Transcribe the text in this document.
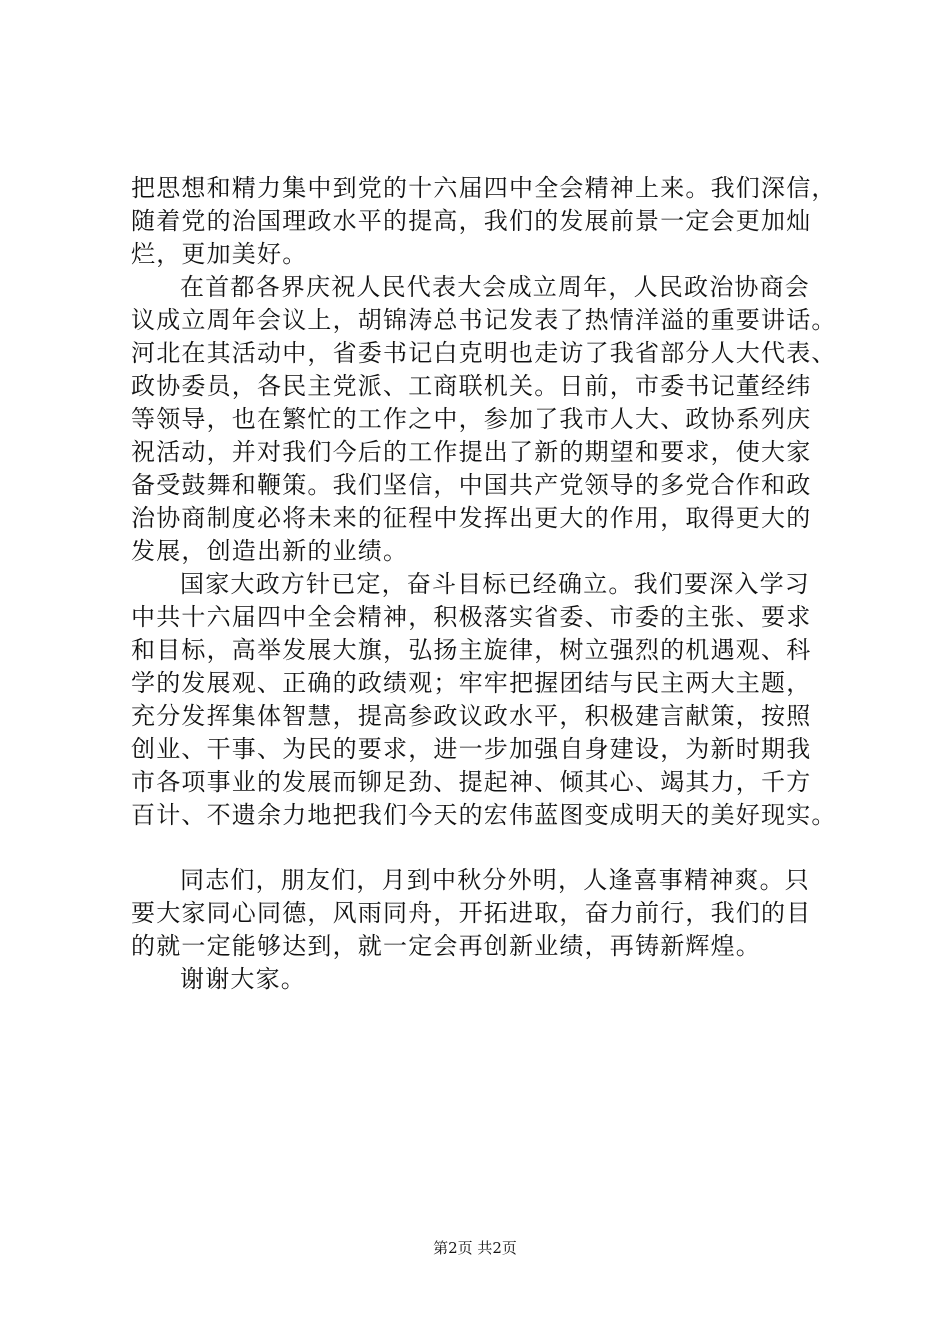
把思想和精力集中到党的十六届四中全会精神上来。我们深信，
随着党的治国理政水平的提高，我们的发展前景一定会更加灿
烂，更加美好。
在首都各界庆祝人民代表大会成立周年，人民政治协商会
议成立周年会议上，胡锦涛总书记发表了热情洋溢的重要讲话。
河北在其活动中，省委书记白克明也走访了我省部分人大代表、
政协委员，各民主党派、工商联机关。日前，市委书记董经纬
等领导，也在繁忙的工作之中，参加了我市人大、政协系列庆
祝活动，并对我们今后的工作提出了新的期望和要求，使大家
备受鼓舞和鞭策。我们坚信，中国共产党领导的多党合作和政
治协商制度必将未来的征程中发挥出更大的作用，取得更大的
发展，创造出新的业绩。
国家大政方针已定，奋斗目标已经确立。我们要深入学习
中共十六届四中全会精神，积极落实省委、市委的主张、要求
和目标，高举发展大旗，弘扬主旋律，树立强烈的机遇观、科
学的发展观、正确的政绩观；牢牢把握团结与民主两大主题，
充分发挥集体智慧，提高参政议政水平，积极建言献策，按照
创业、干事、为民的要求，进一步加强自身建设，为新时期我
市各项事业的发展而铆足劲、提起神、倾其心、竭其力，千方
百计、不遗余力地把我们今天的宏伟蓝图变成明天的美好现实。
同志们，朋友们，月到中秋分外明，人逢喜事精神爽。只
要大家同心同德，风雨同舟，开拓进取，奋力前行，我们的目
的就一定能够达到，就一定会再创新业绩，再铸新辉煌。
谢谢大家。
第2页 共2页
